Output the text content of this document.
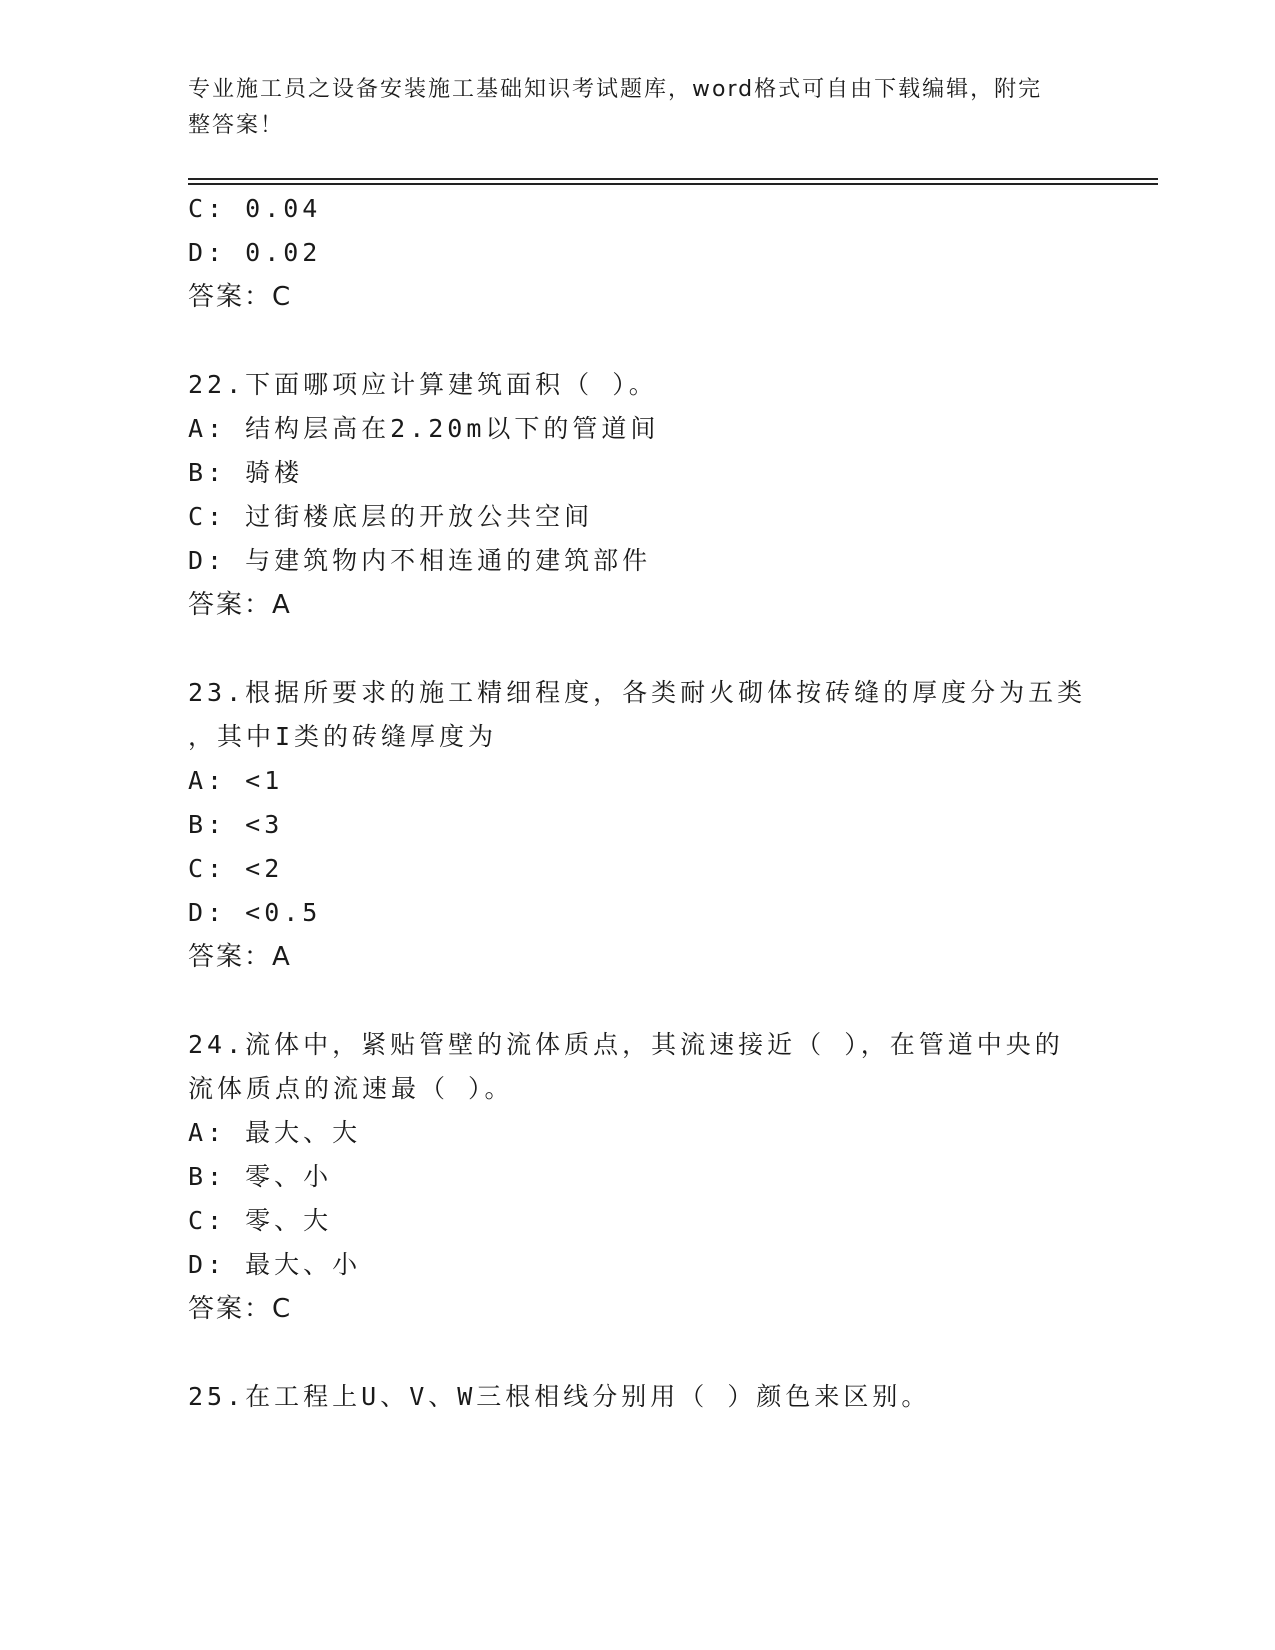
专业施工员之设备安装施工基础知识考试题库，word格式可自由下载编辑，附完
整答案！
C: 0.04
D: 0.02
答案：C
22.下面哪项应计算建筑面积（ ）。
A: 结构层高在2.20m以下的管道间
B: 骑楼
C: 过街楼底层的开放公共空间
D: 与建筑物内不相连通的建筑部件
答案：A
23.根据所要求的施工精细程度，各类耐火砌体按砖缝的厚度分为五类
，其中I类的砖缝厚度为
A: <1
B: <3
C: <2
D: <0.5
答案：A
24.流体中，紧贴管壁的流体质点，其流速接近（ ），在管道中央的
流体质点的流速最（ ）。
A: 最大、大
B: 零、小
C: 零、大
D: 最大、小
答案：C
25.在工程上U、V、W三根相线分别用（ ）颜色来区别。
